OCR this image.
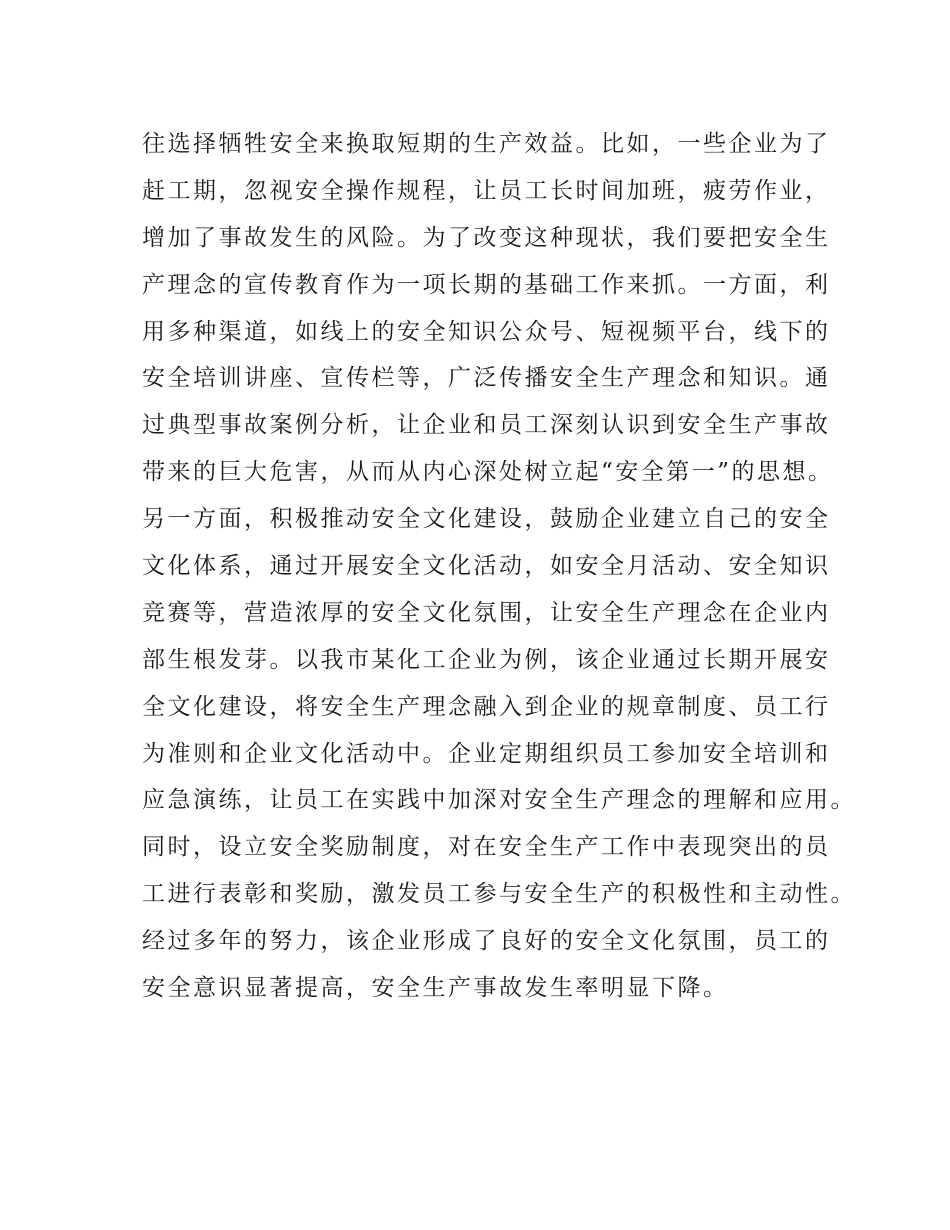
往选择牺牲安全来换取短期的生产效益。比如，一些企业为了
赶工期，忽视安全操作规程，让员工长时间加班，疲劳作业，
增加了事故发生的风险。为了改变这种现状，我们要把安全生
产理念的宣传教育作为一项长期的基础工作来抓。一方面，利
用多种渠道，如线上的安全知识公众号、短视频平台，线下的
安全培训讲座、宣传栏等，广泛传播安全生产理念和知识。通
过典型事故案例分析，让企业和员工深刻认识到安全生产事故
带来的巨大危害，从而从内心深处树立起“安全第一”的思想。
另一方面，积极推动安全文化建设，鼓励企业建立自己的安全
文化体系，通过开展安全文化活动，如安全月活动、安全知识
竞赛等，营造浓厚的安全文化氛围，让安全生产理念在企业内
部生根发芽。以我市某化工企业为例，该企业通过长期开展安
全文化建设，将安全生产理念融入到企业的规章制度、员工行
为准则和企业文化活动中。企业定期组织员工参加安全培训和
应急演练，让员工在实践中加深对安全生产理念的理解和应用。
同时，设立安全奖励制度，对在安全生产工作中表现突出的员
工进行表彰和奖励，激发员工参与安全生产的积极性和主动性。
经过多年的努力，该企业形成了良好的安全文化氛围，员工的
安全意识显著提高，安全生产事故发生率明显下降。
